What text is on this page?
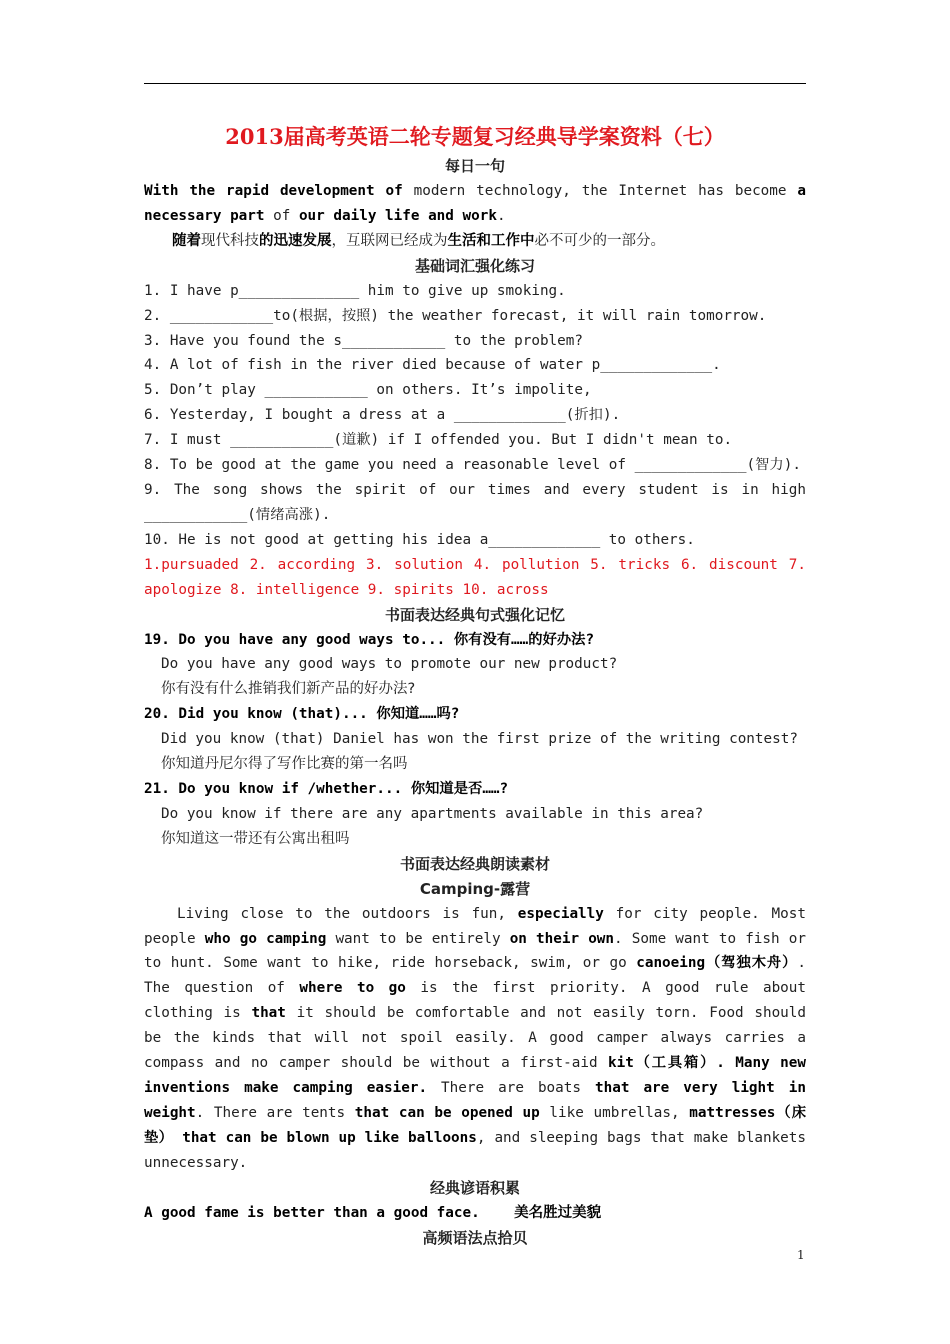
2013届高考英语二轮专题复习经典导学案资料（七）
每日一句
With the rapid development of modern technology, the Internet has become a
necessary part of our daily life and work.
随着现代科技的迅速发展，互联网已经成为生活和工作中必不可少的一部分。
基础词汇强化练习
1. I have p______________ him to give up smoking.
2. ____________to(根据，按照) the weather forecast, it will rain tomorrow.
3. Have you found the s____________ to the problem?
4. A lot of fish in the river died because of water p_____________.
5. Don’t play ____________ on others. It’s impolite,
6. Yesterday, I bought a dress at a _____________(折扣).
7. I must ____________(道歉) if I offended you. But I didn't mean to.
8. To be good at the game you need a reasonable level of _____________(智力).
9. The song shows the spirit of our times and every student is in high
____________(情绪高涨).
10. He is not good at getting his idea a_____________ to others.
1.pursuaded 2. according 3. solution 4. pollution 5. tricks 6. discount 7.
apologize 8. intelligence 9. spirits 10. across
书面表达经典句式强化记忆
19. Do you have any good ways to... 你有没有……的好办法?
Do you have any good ways to promote our new product?
你有没有什么推销我们新产品的好办法?
20. Did you know (that)... 你知道……吗?
Did you know (that) Daniel has won the first prize of the writing contest?
你知道丹尼尔得了写作比赛的第一名吗
21. Do you know if /whether... 你知道是否……?
Do you know if there are any apartments available in this area?
你知道这一带还有公寓出租吗
书面表达经典朗读素材
Camping-露营
Living close to the outdoors is fun, especially for city people. Most people who go camping want to be entirely on their own. Some want to fish or to hunt. Some want to hike, ride horseback, swim, or go canoeing（驾独木舟）. The question of where to go is the first priority. A good rule about clothing is that it should be comfortable and not easily torn. Food should be the kinds that will not spoil easily. A good camper always carries a compass and no camper should be without a first-aid kit（工具箱）. Many new inventions make camping easier. There are boats that are very light in weight. There are tents that can be opened up like umbrellas, mattresses（床垫） that can be blown up like balloons, and sleeping bags that make blankets unnecessary.
经典谚语积累
A good fame is better than a good face. 美名胜过美貌
高频语法点拾贝
1
